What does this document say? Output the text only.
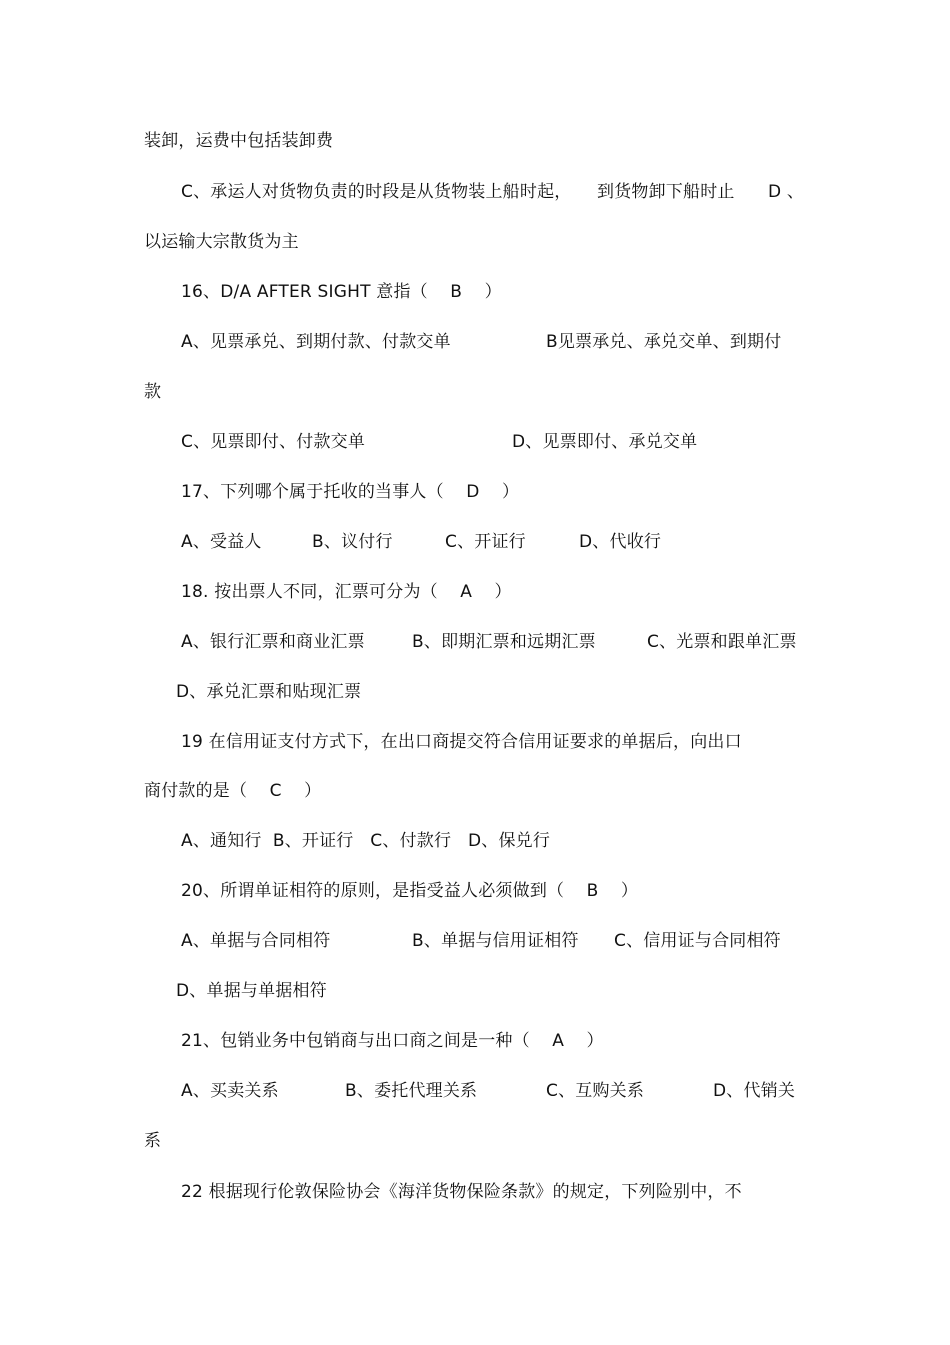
装卸，运费中包括装卸费
C、承运人对货物负责的时段是从货物装上船时起， 到货物卸下船时止 D 、
以运输大宗散货为主
16、D/A AFTER SIGHT 意指（    B    ）
A、见票承兑、到期付款、付款交单	B见票承兑、承兑交单、到期付
款
C、见票即付、付款交单	D、见票即付、承兑交单
17、下列哪个属于托收的当事人（    D    ）
A、受益人	B、议付行	C、开证行	D、代收行
18. 按出票人不同，汇票可分为（    A    ）
A、银行汇票和商业汇票	B、即期汇票和远期汇票	C、光票和跟单汇票
D、承兑汇票和贴现汇票
19 在信用证支付方式下，在出口商提交符合信用证要求的单据后，向出口
商付款的是（    C    ）
A、通知行  B、开证行   C、付款行   D、保兑行
20、所谓单证相符的原则，是指受益人必须做到（    B    ）
A、单据与合同相符	B、单据与信用证相符 C、信用证与合同相符
D、单据与单据相符
21、包销业务中包销商与出口商之间是一种（    A    ）
A、买卖关系	B、委托代理关系	C、互购关系	D、代销关
系
22 根据现行伦敦保险协会《海洋货物保险条款》的规定，下列险别中，不
